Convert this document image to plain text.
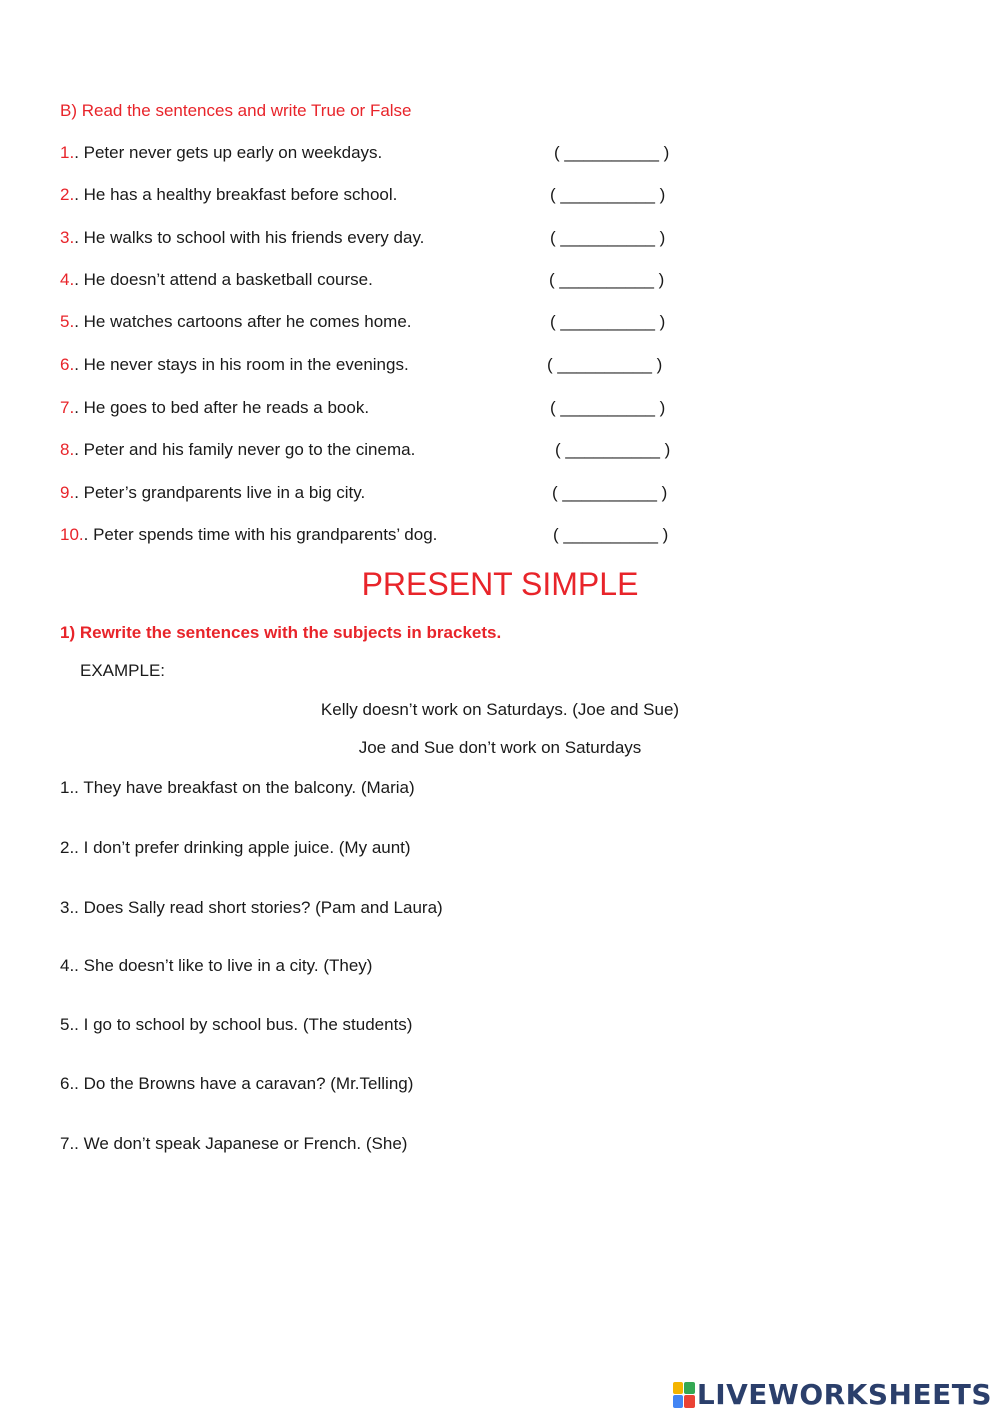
B) Read the sentences and write True or False
1.. Peter never gets up early on weekdays.	( __________ )
2.. He has a healthy breakfast before school.	( __________ )
3.. He walks to school with his friends every day.	( __________ )
4.. He doesn’t attend a basketball course.	( __________ )
5.. He watches cartoons after he comes home.	( __________ )
6.. He never stays in his room in the evenings.	( __________ )
7.. He goes to bed after he reads a book.	( __________ )
8.. Peter and his family never go to the cinema.	( __________ )
9.. Peter’s grandparents live in a big city.	( __________ )
10.. Peter spends time with his grandparents’ dog.	( __________ )
PRESENT SIMPLE
1) Rewrite the sentences with the subjects in brackets.
EXAMPLE:
Kelly doesn’t work on Saturdays. (Joe and Sue)
Joe and Sue don’t work on Saturdays
1.. They have breakfast on the balcony. (Maria)
2.. I don’t prefer drinking apple juice. (My aunt)
3.. Does Sally read short stories? (Pam and Laura)
4.. She doesn’t like to live in a city. (They)
5.. I go to school by school bus. (The students)
6.. Do the Browns have a caravan? (Mr.Telling)
7.. We don’t speak Japanese or French. (She)
LIVEWORKSHEETS
